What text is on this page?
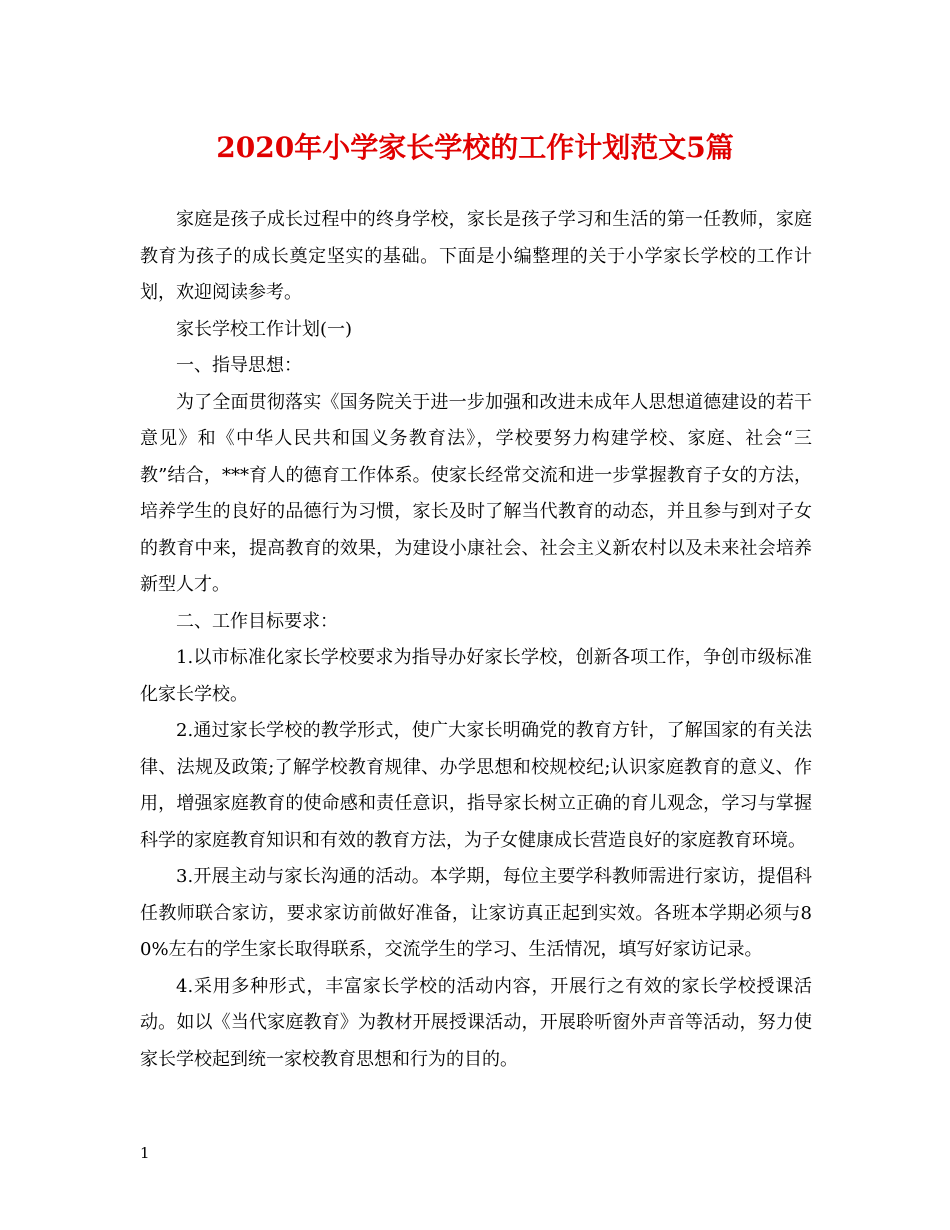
2020年小学家长学校的工作计划范文5篇

家庭是孩子成长过程中的终身学校，家长是孩子学习和生活的第一任教师，家庭教育为孩子的成长奠定坚实的基础。下面是小编整理的关于小学家长学校的工作计划，欢迎阅读参考。

家长学校工作计划(一)

一、指导思想：

为了全面贯彻落实《国务院关于进一步加强和改进未成年人思想道德建设的若干意见》和《中华人民共和国义务教育法》，学校要努力构建学校、家庭、社会“三教”结合，***育人的德育工作体系。使家长经常交流和进一步掌握教育子女的方法，培养学生的良好的品德行为习惯，家长及时了解当代教育的动态，并且参与到对子女的教育中来，提高教育的效果，为建设小康社会、社会主义新农村以及未来社会培养新型人才。

二、工作目标要求：

1.以市标准化家长学校要求为指导办好家长学校，创新各项工作，争创市级标准化家长学校。

2.通过家长学校的教学形式，使广大家长明确党的教育方针，了解国家的有关法律、法规及政策;了解学校教育规律、办学思想和校规校纪;认识家庭教育的意义、作用，增强家庭教育的使命感和责任意识，指导家长树立正确的育儿观念，学习与掌握科学的家庭教育知识和有效的教育方法，为子女健康成长营造良好的家庭教育环境。

3.开展主动与家长沟通的活动。本学期，每位主要学科教师需进行家访，提倡科任教师联合家访，要求家访前做好准备，让家访真正起到实效。各班本学期必须与80%左右的学生家长取得联系，交流学生的学习、生活情况，填写好家访记录。

4.采用多种形式，丰富家长学校的活动内容，开展行之有效的家长学校授课活动。如以《当代家庭教育》为教材开展授课活动，开展聆听窗外声音等活动，努力使家长学校起到统一家校教育思想和行为的目的。

1
